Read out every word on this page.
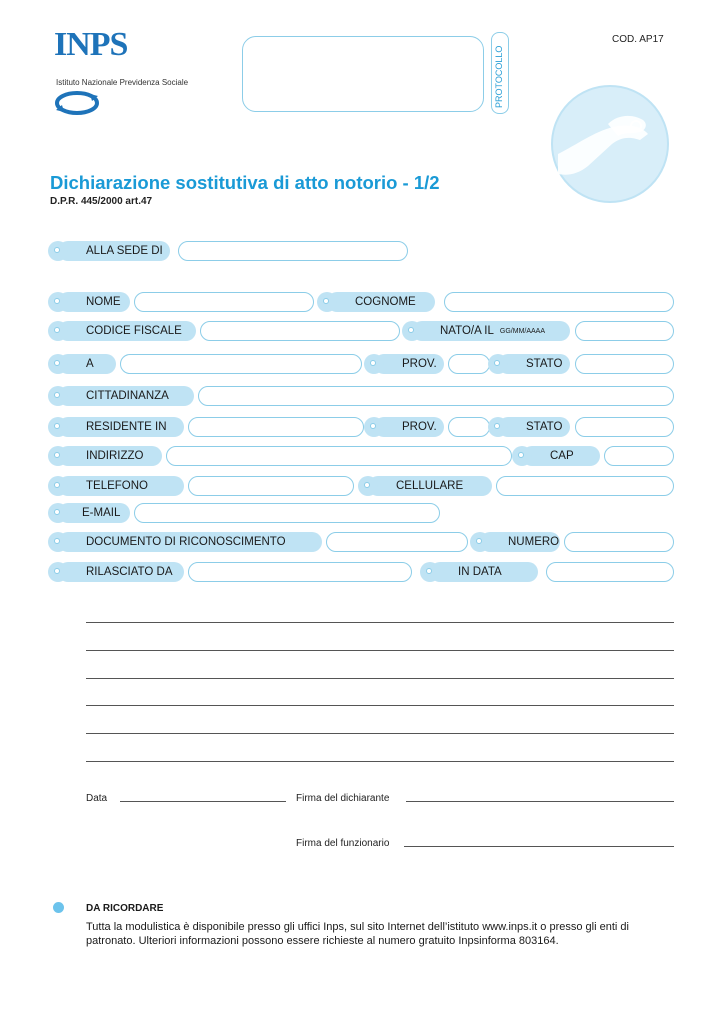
INPS
Istituto Nazionale Previdenza Sociale	PROTOCOLLO
COD. AP17
Dichiarazione sostitutiva di atto notorio - 1/2
D.P.R. 445/2000 art.47
ALLA SEDE DI
NOME	COGNOME
CODICE FISCALE	NATO/A IL GG/MM/AAAA
A	PROV.	STATO
CITTADINANZA
RESIDENTE IN	PROV.	STATO
INDIRIZZO	CAP
TELEFONO	CELLULARE
E-MAIL
DOCUMENTO DI RICONOSCIMENTO	NUMERO
RILASCIATO DA	IN DATA
Data	Firma del dichiarante
Firma del funzionario
DA RICORDARE
Tutta la modulistica è disponibile presso gli uffici Inps, sul sito Internet dell’istituto www.inps.it o presso gli enti di patronato. Ulteriori informazioni possono essere richieste al numero gratuito Inpsinforma 803164.
